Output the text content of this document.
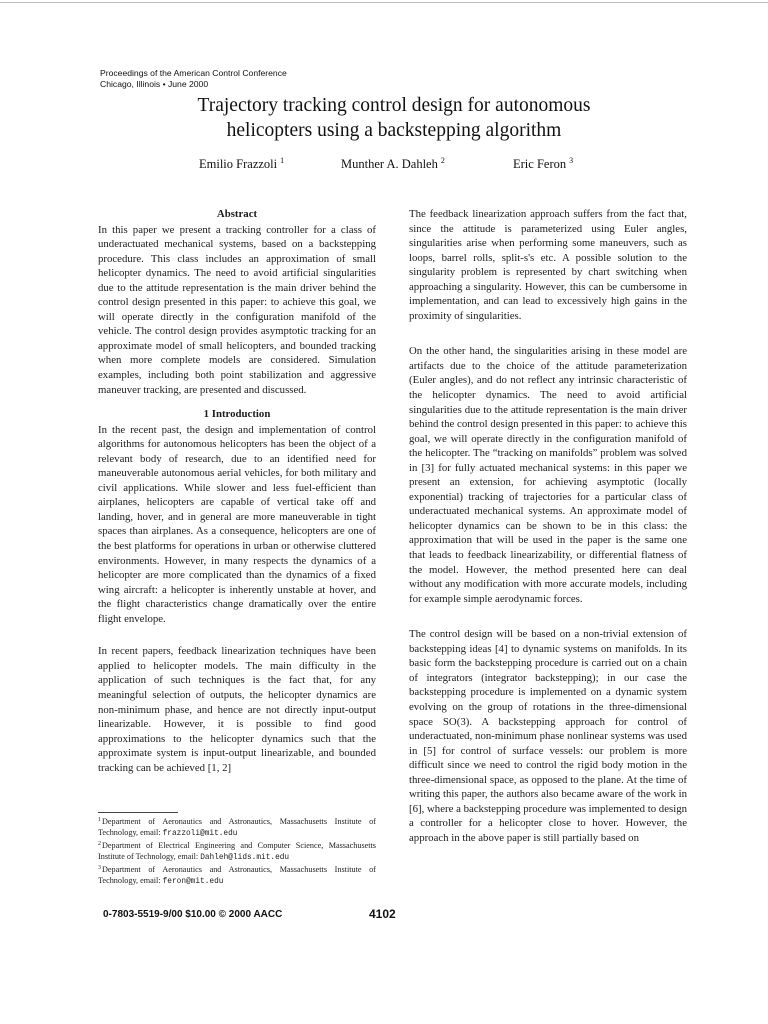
Proceedings of the American Control Conference
Chicago, Illinois • June 2000
Trajectory tracking control design for autonomous
helicopters using a backstepping algorithm
Emilio Frazzoli $^1$	Munther A. Dahleh $^2$	Eric Feron $^3$
Abstract

In this paper we present a tracking controller for a class of underactuated mechanical systems, based on a backstepping procedure. This class includes an approximation of small helicopter dynamics. The need to avoid artificial singularities due to the attitude representation is the main driver behind the control design presented in this paper: to achieve this goal, we will operate directly in the configuration manifold of the vehicle. The control design provides asymptotic tracking for an approximate model of small helicopters, and bounded tracking when more complete models are considered. Simulation examples, including both point stabilization and aggressive maneuver tracking, are presented and discussed.

1 Introduction

In the recent past, the design and implementation of control algorithms for autonomous helicopters has been the object of a relevant body of research, due to an identified need for maneuverable autonomous aerial vehicles, for both military and civil applications. While slower and less fuel-efficient than airplanes, helicopters are capable of vertical take off and landing, hover, and in general are more maneuverable in tight spaces than airplanes. As a consequence, helicopters are one of the best platforms for operations in urban or otherwise cluttered environments. However, in many respects the dynamics of a helicopter are more complicated than the dynamics of a fixed wing aircraft: a helicopter is inherently unstable at hover, and the flight characteristics change dramatically over the entire flight envelope.

In recent papers, feedback linearization techniques have been applied to helicopter models. The main difficulty in the application of such techniques is the fact that, for any meaningful selection of outputs, the helicopter dynamics are non-minimum phase, and hence are not directly input-output linearizable. However, it is possible to find good approximations to the helicopter dynamics such that the approximate system is input-output linearizable, and bounded tracking can be achieved [1, 2]

The feedback linearization approach suffers from the fact that, since the attitude is parameterized using Euler angles, singularities arise when performing some maneuvers, such as loops, barrel rolls, split-s's etc. A possible solution to the singularity problem is represented by chart switching when approaching a singularity. However, this can be cumbersome in implementation, and can lead to excessively high gains in the proximity of singularities.

On the other hand, the singularities arising in these model are artifacts due to the choice of the attitude parameterization (Euler angles), and do not reflect any intrinsic characteristic of the helicopter dynamics. The need to avoid artificial singularities due to the attitude representation is the main driver behind the control design presented in this paper: to achieve this goal, we will operate directly in the configuration manifold of the helicopter. The “tracking on manifolds” problem was solved in [3] for fully actuated mechanical systems: in this paper we present an extension, for achieving asymptotic (locally exponential) tracking of trajectories for a particular class of underactuated mechanical systems. An approximate model of helicopter dynamics can be shown to be in this class: the approximation that will be used in the paper is the same one that leads to feedback linearizability, or differential flatness of the model. However, the method presented here can deal without any modification with more accurate models, including for example simple aerodynamic forces.

The control design will be based on a non-trivial extension of backstepping ideas [4] to dynamic systems on manifolds. In its basic form the backstepping procedure is carried out on a chain of integrators (integrator backstepping); in our case the backstepping procedure is implemented on a dynamic system evolving on the group of rotations in the three-dimensional space SO(3). A backstepping approach for control of underactuated, non-minimum phase nonlinear systems was used in [5] for control of surface vessels: our problem is more difficult since we need to control the rigid body motion in the three-dimensional space, as opposed to the plane. At the time of writing this paper, the authors also became aware of the work in [6], where a backstepping procedure was implemented to design a controller for a helicopter close to hover. However, the approach in the above paper is still partially based on

$^1$Department of Aeronautics and Astronautics, Massachusetts Institute of Technology, email: frazzoli@mit.edu

$^2$Department of Electrical Engineering and Computer Science, Massachusetts Institute of Technology, email: Dahleh@lids.mit.edu

$^3$Department of Aeronautics and Astronautics, Massachusetts Institute of Technology, email: feron@mit.edu

0-7803-5519-9/00 $10.00 © 2000 AACC	4102
